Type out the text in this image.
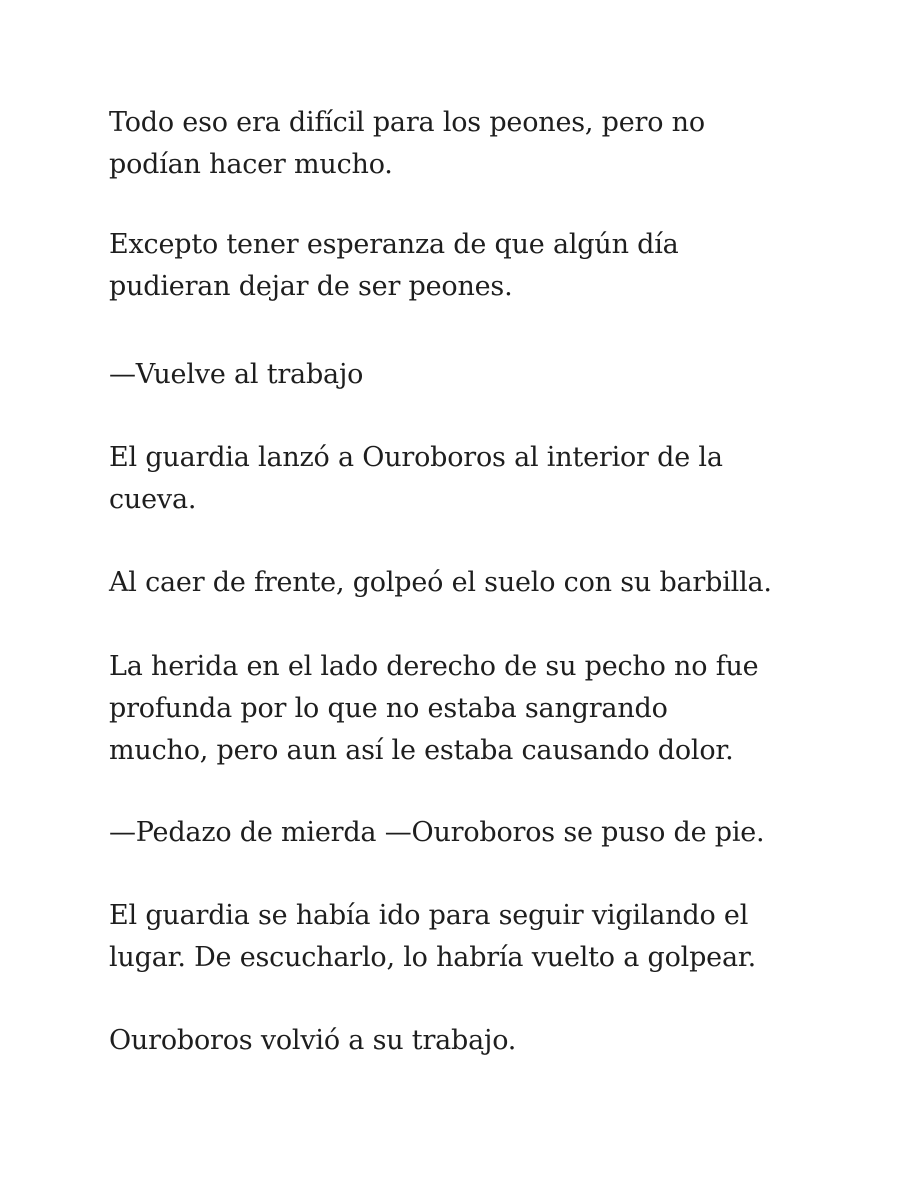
Todo eso era difícil para los peones, pero no
podían hacer mucho.

Excepto tener esperanza de que algún día
pudieran dejar de ser peones.

—Vuelve al trabajo

El guardia lanzó a Ouroboros al interior de la
cueva.

Al caer de frente, golpeó el suelo con su barbilla.

La herida en el lado derecho de su pecho no fue
profunda por lo que no estaba sangrando
mucho, pero aun así le estaba causando dolor.

—Pedazo de mierda —Ouroboros se puso de pie.

El guardia se había ido para seguir vigilando el
lugar. De escucharlo, lo habría vuelto a golpear.

Ouroboros volvió a su trabajo.
